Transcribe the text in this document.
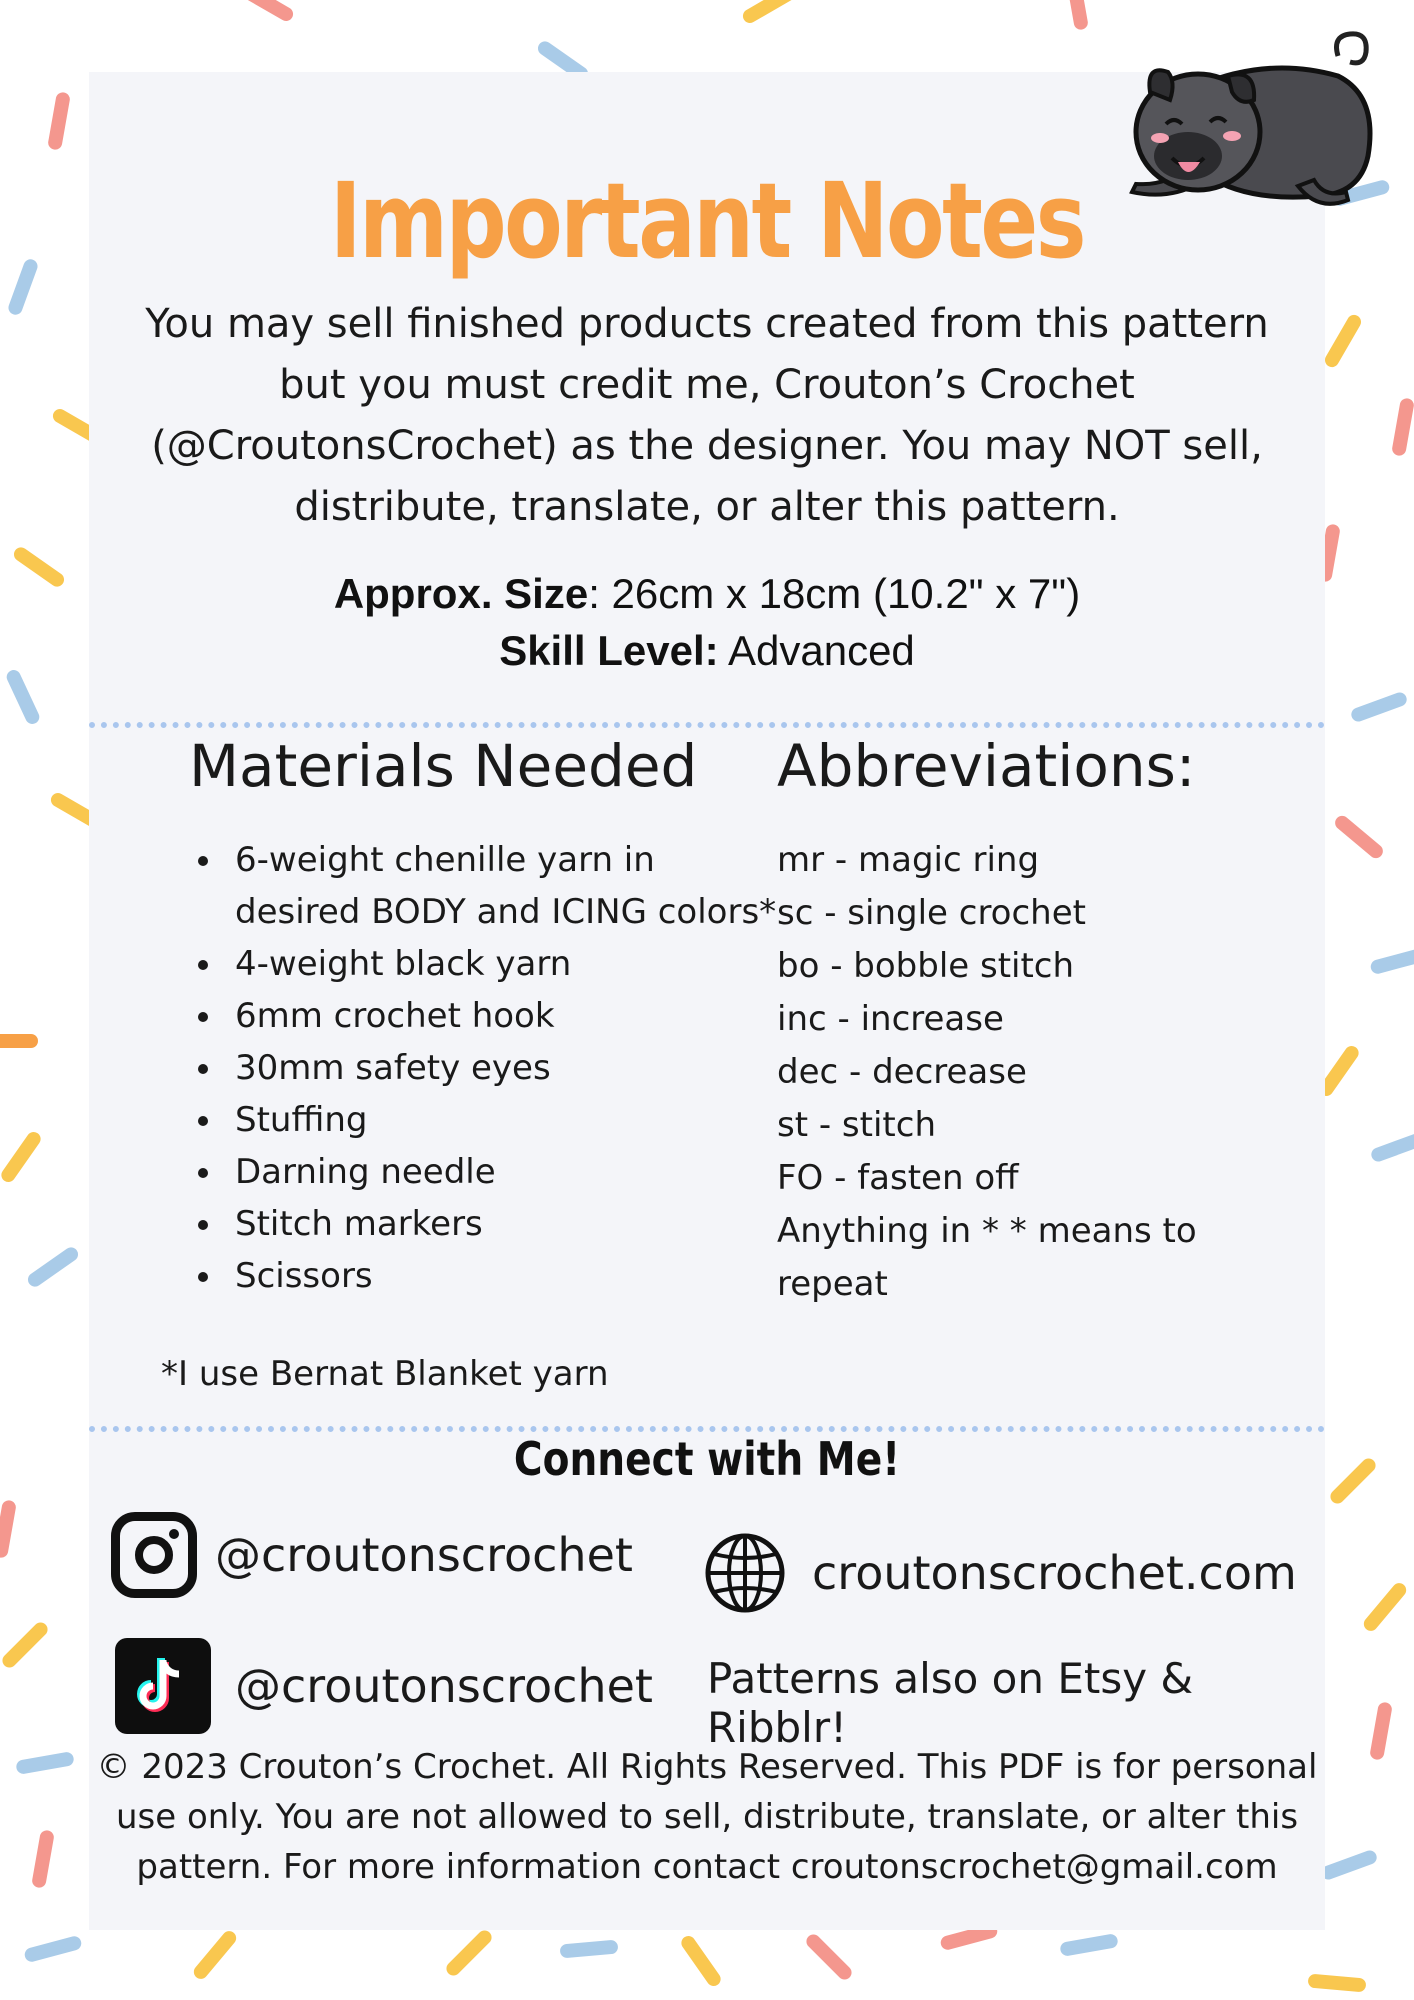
Important Notes
You may sell finished products created from this pattern but you must credit me, Crouton’s Crochet (@CroutonsCrochet) as the designer. You may NOT sell, distribute, translate, or alter this pattern.
Approx. Size: 26cm x 18cm (10.2" x 7")
Skill Level: Advanced
Materials Needed
• 6-weight chenille yarn in desired BODY and ICING colors*
• 4-weight black yarn
• 6mm crochet hook
• 30mm safety eyes
• Stuffing
• Darning needle
• Stitch markers
• Scissors
*I use Bernat Blanket yarn
Abbreviations:
mr - magic ring
sc - single crochet
bo - bobble stitch
inc - increase
dec - decrease
st - stitch
FO - fasten off
Anything in * * means to repeat
Connect with Me!
@croutonscrochet	croutonscrochet.com
@croutonscrochet Patterns also on Etsy & Ribblr!
© 2023 Crouton’s Crochet. All Rights Reserved. This PDF is for personal use only. You are not allowed to sell, distribute, translate, or alter this pattern. For more information contact croutonscrochet@gmail.com
